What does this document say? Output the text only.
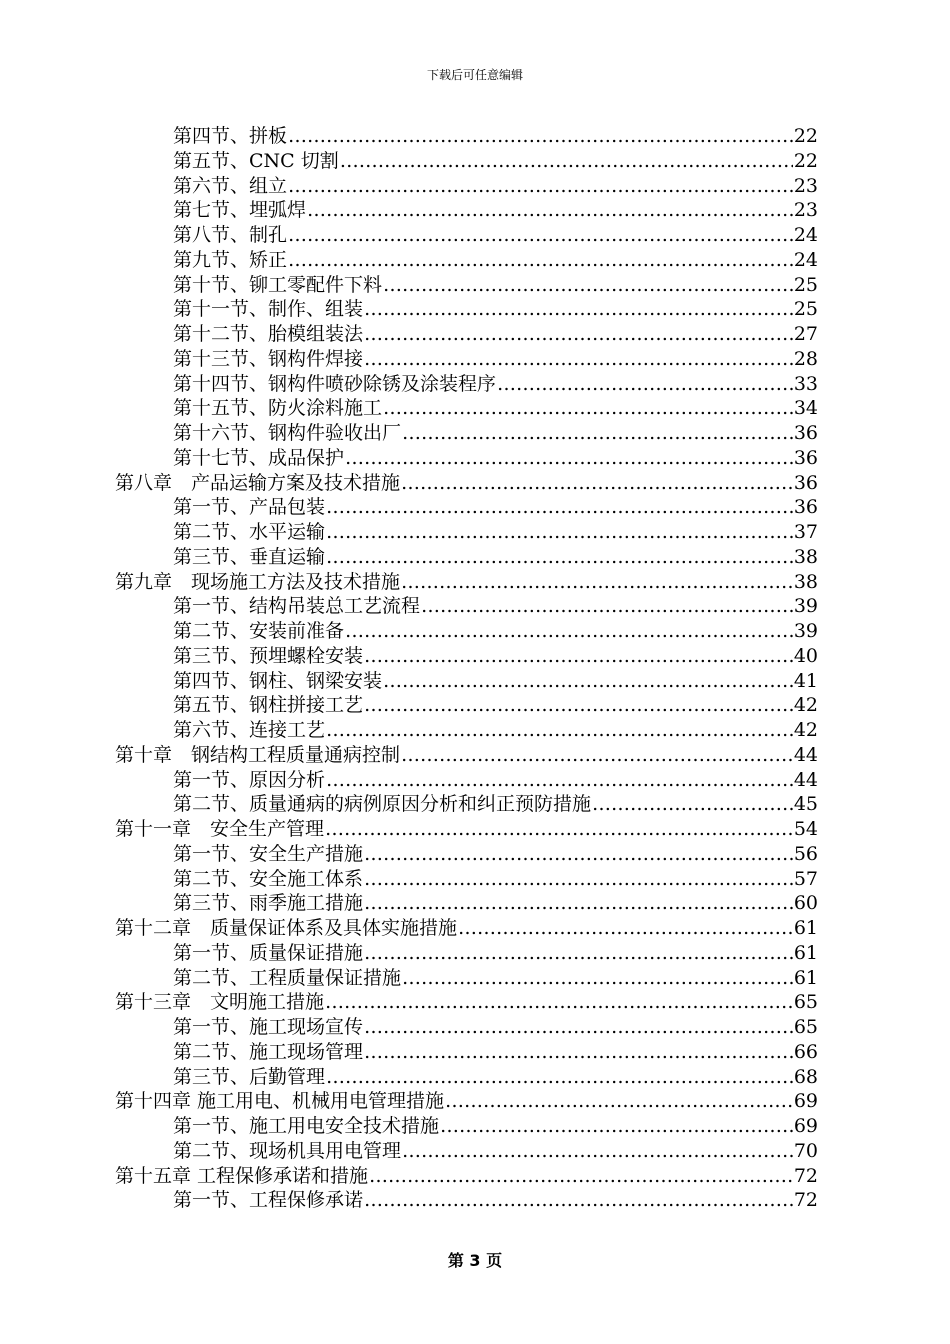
下载后可任意编辑
第四节、拼板 …………………………………………………………………………………………………………………………………………………	22
第五节、CNC 切割 …………………………………………………………………………………………………………………………………………………	22
第六节、组立 …………………………………………………………………………………………………………………………………………………	23
第七节、埋弧焊 …………………………………………………………………………………………………………………………………………………	23
第八节、制孔 …………………………………………………………………………………………………………………………………………………	24
第九节、矫正 …………………………………………………………………………………………………………………………………………………	24
第十节、铆工零配件下料 …………………………………………………………………………………………………………………………………………………	25
第十一节、制作、组装 …………………………………………………………………………………………………………………………………………………	25
第十二节、胎模组装法 …………………………………………………………………………………………………………………………………………………	27
第十三节、钢构件焊接 …………………………………………………………………………………………………………………………………………………	28
第十四节、钢构件喷砂除锈及涂装程序 …………………………………………………………………………………………………………………………………………………	33
第十五节、防火涂料施工 …………………………………………………………………………………………………………………………………………………	34
第十六节、钢构件验收出厂 …………………………………………………………………………………………………………………………………………………	36
第十七节、成品保护 …………………………………………………………………………………………………………………………………………………	36
第八章　产品运输方案及技术措施 …………………………………………………………………………………………………………………………………………………	36
第一节、产品包装 …………………………………………………………………………………………………………………………………………………	36
第二节、水平运输 …………………………………………………………………………………………………………………………………………………	37
第三节、垂直运输 …………………………………………………………………………………………………………………………………………………	38
第九章　现场施工方法及技术措施 …………………………………………………………………………………………………………………………………………………	38
第一节、结构吊装总工艺流程 …………………………………………………………………………………………………………………………………………………	39
第二节、安装前准备 …………………………………………………………………………………………………………………………………………………	39
第三节、预埋螺栓安装 …………………………………………………………………………………………………………………………………………………	40
第四节、钢柱、钢梁安装 …………………………………………………………………………………………………………………………………………………	41
第五节、钢柱拼接工艺 …………………………………………………………………………………………………………………………………………………	42
第六节、连接工艺 …………………………………………………………………………………………………………………………………………………	42
第十章　钢结构工程质量通病控制 …………………………………………………………………………………………………………………………………………………	44
第一节、原因分析 …………………………………………………………………………………………………………………………………………………	44
第二节、质量通病的病例原因分析和纠正预防措施 …………………………………………………………………………………………………………………………………………………	45
第十一章　安全生产管理 …………………………………………………………………………………………………………………………………………………	54
第一节、安全生产措施 …………………………………………………………………………………………………………………………………………………	56
第二节、安全施工体系 …………………………………………………………………………………………………………………………………………………	57
第三节、雨季施工措施 …………………………………………………………………………………………………………………………………………………	60
第十二章　质量保证体系及具体实施措施 …………………………………………………………………………………………………………………………………………………	61
第一节、质量保证措施 …………………………………………………………………………………………………………………………………………………	61
第二节、工程质量保证措施 …………………………………………………………………………………………………………………………………………………	61
第十三章　文明施工措施 …………………………………………………………………………………………………………………………………………………	65
第一节、施工现场宣传 …………………………………………………………………………………………………………………………………………………	65
第二节、施工现场管理 …………………………………………………………………………………………………………………………………………………	66
第三节、后勤管理 …………………………………………………………………………………………………………………………………………………	68
第十四章 施工用电、机械用电管理措施 …………………………………………………………………………………………………………………………………………………	69
第一节、施工用电安全技术措施 …………………………………………………………………………………………………………………………………………………	69
第二节、现场机具用电管理 …………………………………………………………………………………………………………………………………………………	70
第十五章 工程保修承诺和措施 …………………………………………………………………………………………………………………………………………………	72
第一节、工程保修承诺 …………………………………………………………………………………………………………………………………………………	72
第 3 页
